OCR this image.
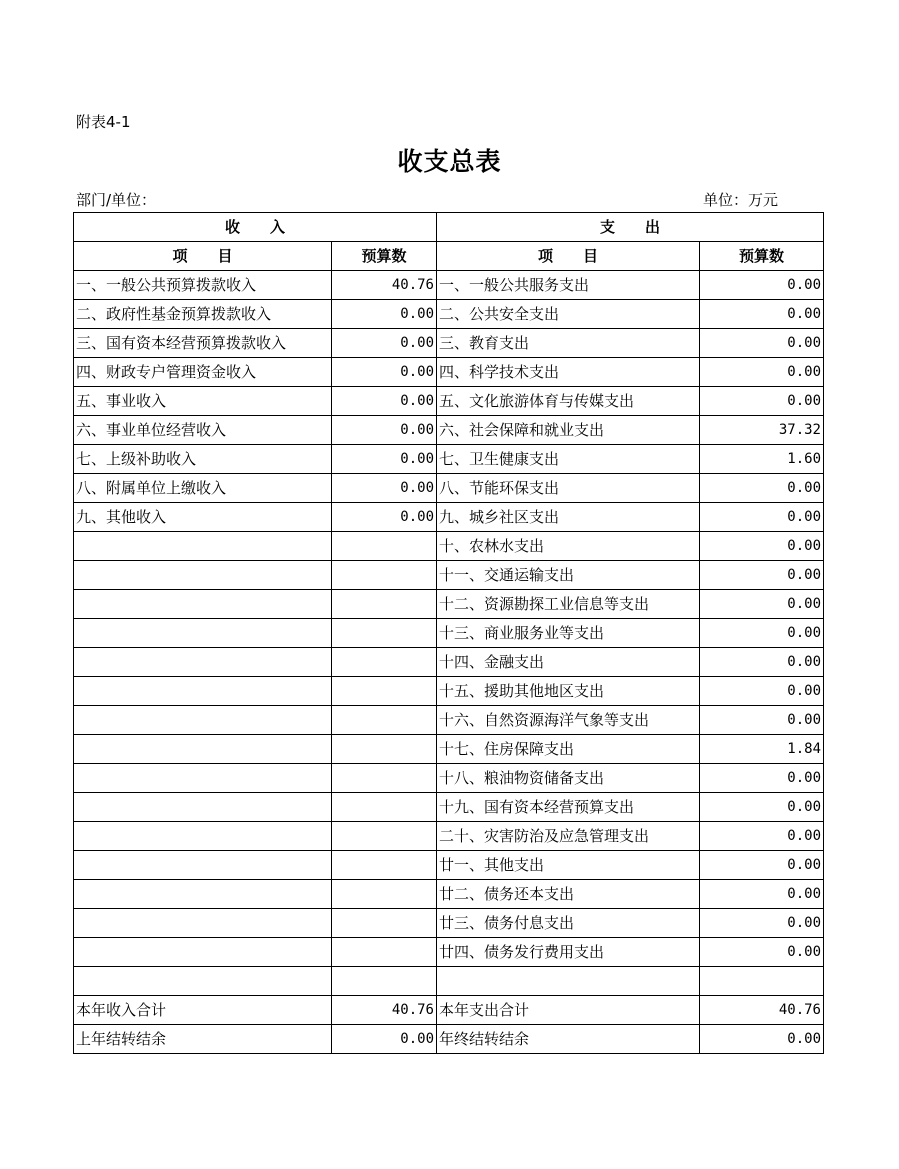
附表4-1
收支总表
部门/单位：	单位：万元
收　　入		支　　出	
项　　目	预算数	项　　目	预算数
一、一般公共预算拨款收入	40.76	一、一般公共服务支出	0.00
二、政府性基金预算拨款收入	0.00	二、公共安全支出	0.00
三、国有资本经营预算拨款收入	0.00	三、教育支出	0.00
四、财政专户管理资金收入	0.00	四、科学技术支出	0.00
五、事业收入	0.00	五、文化旅游体育与传媒支出	0.00
六、事业单位经营收入	0.00	六、社会保障和就业支出	37.32
七、上级补助收入	0.00	七、卫生健康支出	1.60
八、附属单位上缴收入	0.00	八、节能环保支出	0.00
九、其他收入	0.00	九、城乡社区支出	0.00
		十、农林水支出	0.00
		十一、交通运输支出	0.00
		十二、资源勘探工业信息等支出	0.00
		十三、商业服务业等支出	0.00
		十四、金融支出	0.00
		十五、援助其他地区支出	0.00
		十六、自然资源海洋气象等支出	0.00
		十七、住房保障支出	1.84
		十八、粮油物资储备支出	0.00
		十九、国有资本经营预算支出	0.00
		二十、灾害防治及应急管理支出	0.00
		廿一、其他支出	0.00
		廿二、债务还本支出	0.00
		廿三、债务付息支出	0.00
		廿四、债务发行费用支出	0.00

本年收入合计	40.76	本年支出合计	40.76
上年结转结余	0.00	年终结转结余	0.00
